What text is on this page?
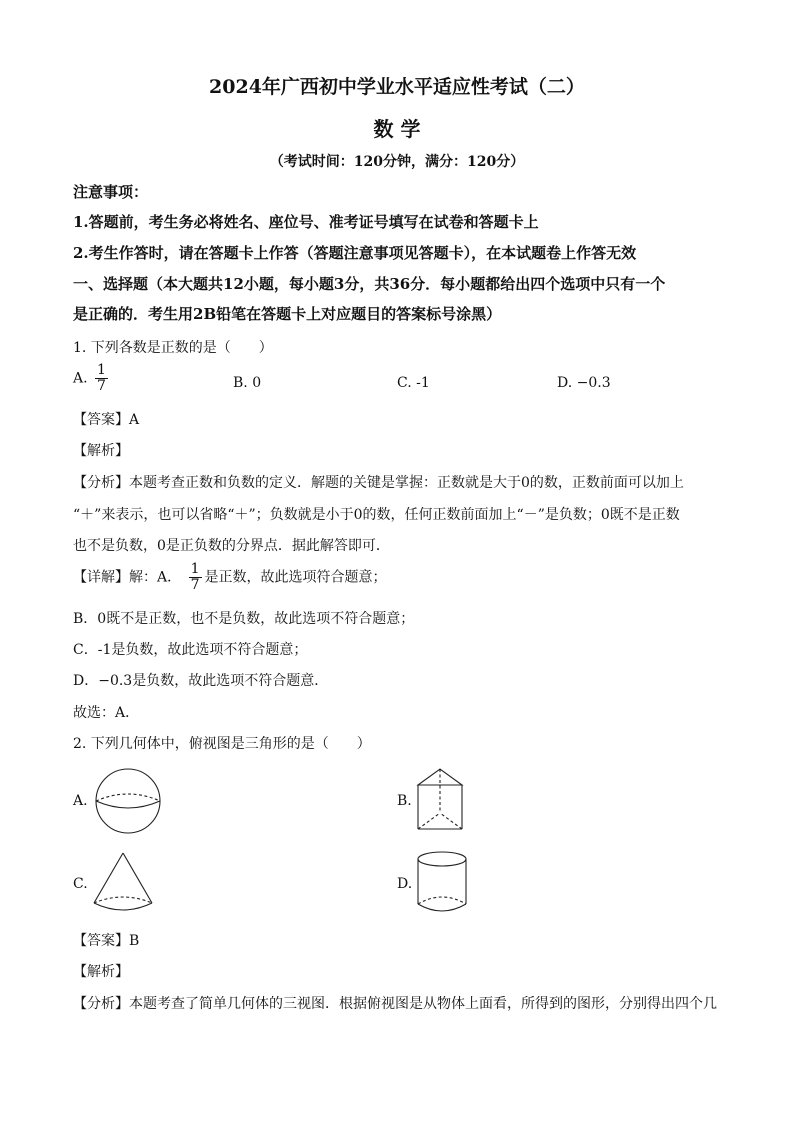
2024年广西初中学业水平适应性考试（二）
数 学
（考试时间：120分钟，满分：120分）
注意事项：
1.答题前，考生务必将姓名、座位号、准考证号填写在试卷和答题卡上
2.考生作答时，请在答题卡上作答（答题注意事项见答题卡），在本试题卷上作答无效
一、选择题（本大题共12小题，每小题3分，共36分．每小题都给出四个选项中只有一个
是正确的．考生用2B铅笔在答题卡上对应题目的答案标号涂黑）
1. 下列各数是正数的是（　　）
A. $\frac{1}{7}$	B. 0	C. -1	D. −0.3
【答案】A
【解析】
【分析】本题考查正数和负数的定义．解题的关键是掌握：正数就是大于0的数，正数前面可以加上
“＋”来表示，也可以省略“＋”；负数就是小于0的数，任何正数前面加上“－”是负数；0既不是正数
也不是负数，0是正负数的分界点．据此解答即可．
【详解】解：A． $\frac{1}{7}$ 是正数，故此选项符合题意；
B．0既不是正数，也不是负数，故此选项不符合题意；
C．-1是负数，故此选项不符合题意；
D．−0.3是负数，故此选项不符合题意．
故选：A．
2. 下列几何体中，俯视图是三角形的是（　　）
A.	B.
C.	D.
【答案】B
【解析】
【分析】本题考查了简单几何体的三视图．根据俯视图是从物体上面看，所得到的图形，分别得出四个几
